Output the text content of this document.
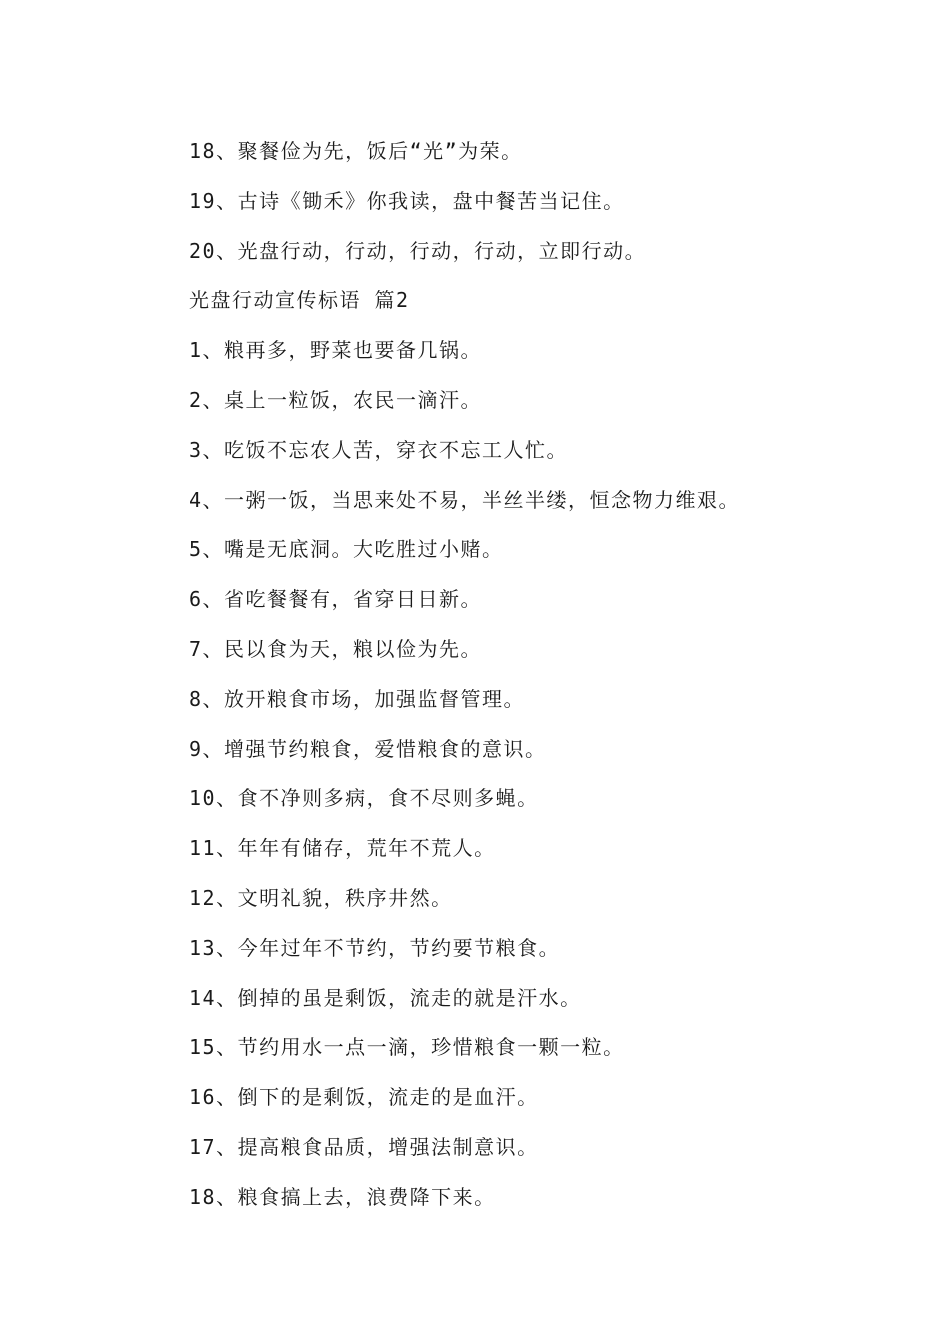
18、聚餐俭为先，饭后“光”为荣。
19、古诗《锄禾》你我读，盘中餐苦当记住。
20、光盘行动，行动，行动，行动，立即行动。
光盘行动宣传标语 篇2
1、粮再多，野菜也要备几锅。
2、桌上一粒饭，农民一滴汗。
3、吃饭不忘农人苦，穿衣不忘工人忙。
4、一粥一饭，当思来处不易，半丝半缕，恒念物力维艰。
5、嘴是无底洞。大吃胜过小赌。
6、省吃餐餐有，省穿日日新。
7、民以食为天，粮以俭为先。
8、放开粮食市场，加强监督管理。
9、增强节约粮食，爱惜粮食的意识。
10、食不净则多病，食不尽则多蝇。
11、年年有储存，荒年不荒人。
12、文明礼貌，秩序井然。
13、今年过年不节约，节约要节粮食。
14、倒掉的虽是剩饭，流走的就是汗水。
15、节约用水一点一滴，珍惜粮食一颗一粒。
16、倒下的是剩饭，流走的是血汗。
17、提高粮食品质，增强法制意识。
18、粮食搞上去，浪费降下来。
